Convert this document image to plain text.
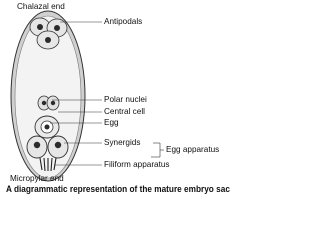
Chalazal end
Antipodals
Polar nuclei
Central cell
Egg
Synergids
Egg apparatus
Filiform apparatus
Micropylar end
A diagrammatic representation of the mature embryo sac
